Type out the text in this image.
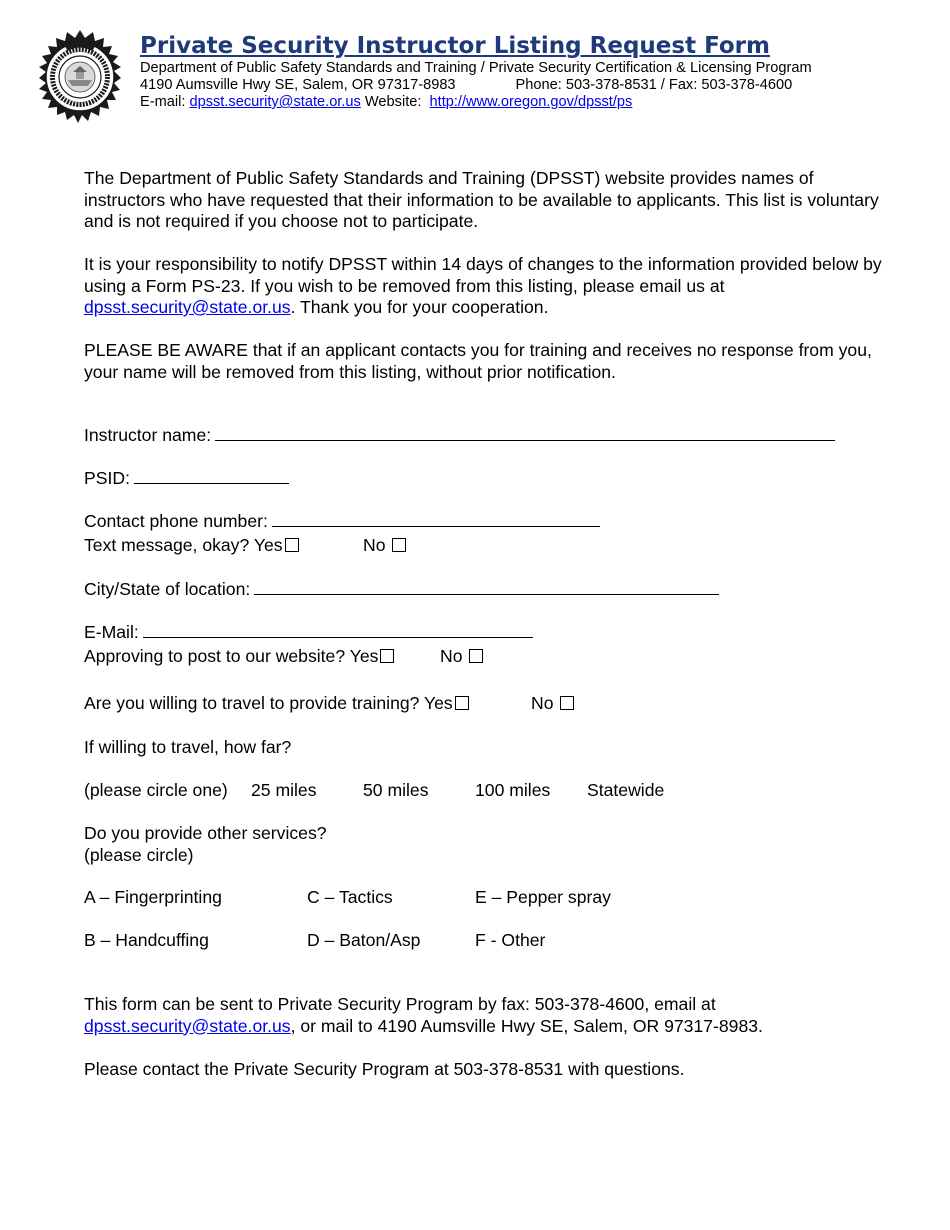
Private Security Instructor Listing Request Form
Department of Public Safety Standards and Training / Private Security Certification & Licensing Program
4190 Aumsville Hwy SE, Salem, OR 97317-8983	Phone: 503-378-8531 / Fax: 503-378-4600
E-mail: dpsst.security@state.or.us Website: http://www.oregon.gov/dpsst/ps

The Department of Public Safety Standards and Training (DPSST) website provides names of instructors who have requested that their information to be available to applicants. This list is voluntary and is not required if you choose not to participate.

It is your responsibility to notify DPSST within 14 days of changes to the information provided below by using a Form PS-23. If you wish to be removed from this listing, please email us at dpsst.security@state.or.us. Thank you for your cooperation.

PLEASE BE AWARE that if an applicant contacts you for training and receives no response from you, your name will be removed from this listing, without prior notification.

Instructor name:
PSID:
Contact phone number:
Text message, okay? Yes	No
City/State of location:
E-Mail:
Approving to post to our website? Yes	No
Are you willing to travel to provide training? Yes	No
If willing to travel, how far?
(please circle one) 25 miles	50 miles	100 miles Statewide
Do you provide other services?
(please circle)
A – Fingerprinting	C – Tactics	E – Pepper spray
B – Handcuffing	D – Baton/Asp	F - Other

This form can be sent to Private Security Program by fax: 503-378-4600, email at
dpsst.security@state.or.us, or mail to 4190 Aumsville Hwy SE, Salem, OR 97317-8983.

Please contact the Private Security Program at 503-378-8531 with questions.
